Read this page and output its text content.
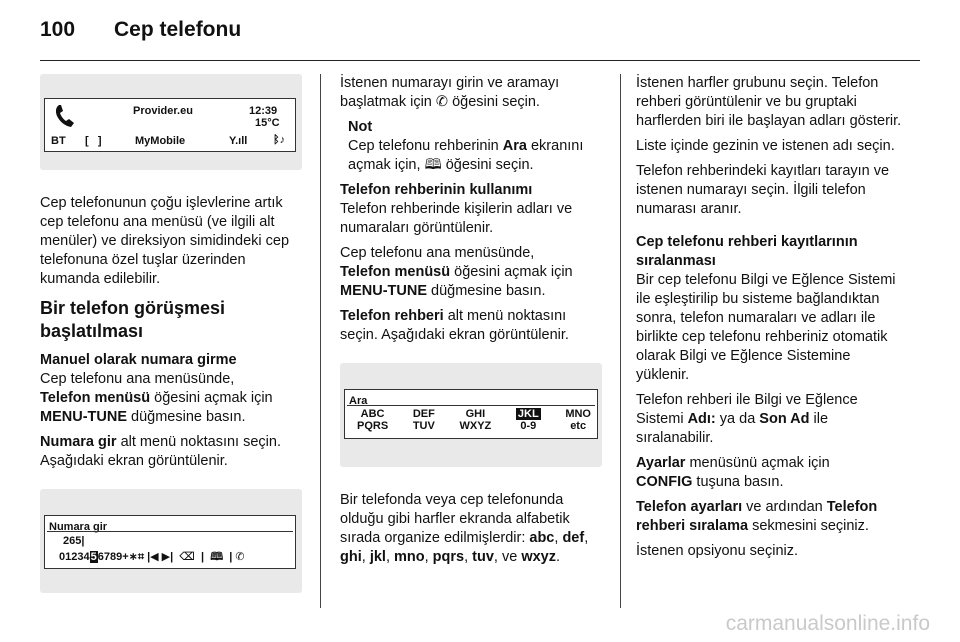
100 Cep telefonu
Provider.eu	12:39
15°C
BT [   ]	MyMobile	Y.ıll ᛒ♪

Cep telefonunun çoğu işlevlerine artık cep telefonu ana menüsü (ve ilgili alt menüler) ve direksiyon simidindeki cep telefonuna özel tuşlar üzerinden kumanda edilebilir.

Bir telefon görüşmesi başlatılması
Manuel olarak numara girme

Cep telefonu ana menüsünde,
Telefon menüsü öğesini açmak için
MENU-TUNE düğmesine basın.

Numara gir alt menü noktasını seçin. Aşağıdaki ekran görüntülenir.

Numara gir
265|
0123456789+∗⌗ |◀ ▶|  ⌫  |  🕮  | ✆

İstenen numarayı girin ve aramayı başlatmak için ✆ öğesini seçin.

Not
Cep telefonu rehberinin Ara ekranını açmak için, 🕮 öğesini seçin.
Telefon rehberinin kullanımı

Telefon rehberinde kişilerin adları ve numaraları görüntülenir.

Cep telefonu ana menüsünde,
Telefon menüsü öğesini açmak için
MENU-TUNE düğmesine basın.

Telefon rehberi alt menü noktasını seçin. Aşağıdaki ekran görüntülenir.

Ara
ABC
PQRS
DEF
TUV
GHI
WXYZ
JKL
0-9
MNO
etc

Bir telefonda veya cep telefonunda olduğu gibi harfler ekranda alfabetik sırada organize edilmişlerdir: abc, def, ghi, jkl, mno, pqrs, tuv, ve wxyz.

İstenen harfler grubunu seçin. Telefon rehberi görüntülenir ve bu gruptaki harflerden biri ile başlayan adları gösterir.

Liste içinde gezinin ve istenen adı seçin.

Telefon rehberindeki kayıtları tarayın ve istenen numarayı seçin. İlgili telefon numarası aranır.

Cep telefonu rehberi kayıtlarının sıralanması

Bir cep telefonu Bilgi ve Eğlence Sistemi ile eşleştirilip bu sisteme bağlandıktan sonra, telefon numaraları ve adları ile birlikte cep telefonu rehberiniz otomatik olarak Bilgi ve Eğlence Sistemine yüklenir.

Telefon rehberi ile Bilgi ve Eğlence Sistemi Adı: ya da Son Ad ile sıralanabilir.

Ayarlar menüsünü açmak için
CONFIG tuşuna basın.

Telefon ayarları ve ardından Telefon rehberi sıralama sekmesini seçiniz.

İstenen opsiyonu seçiniz.

carmanualsonline.info
